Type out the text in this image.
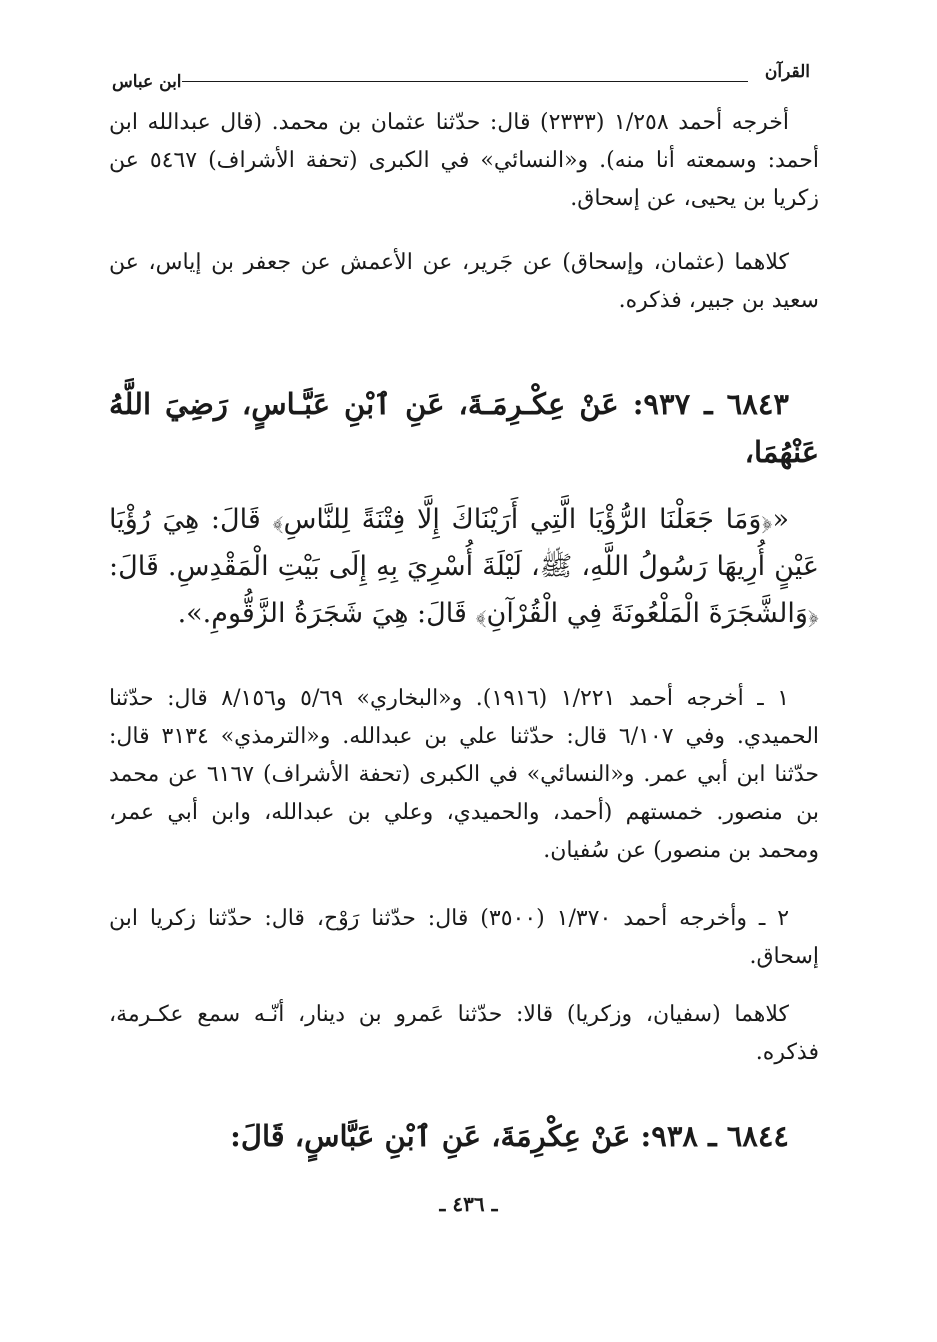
القرآن
ابن عباس
أخرجه أحمد ١/٢٥٨ (٢٣٣٣) قال: حدّثنا عثمان بن محمد. (قال عبدالله ابن أحمد: وسمعته أنا منه). و«النسائي» في الكبرى (تحفة الأشراف) ٥٤٦٧ عن زكريا بن يحيى، عن إسحاق.
كلاهما (عثمان، وإسحاق) عن جَرير، عن الأعمش عن جعفر بن إياس، عن سعيد بن جبير، فذكره.
٦٨٤٣ ـ ٩٣٧: عَنْ عِكْـرِمَـةَ، عَنِ ٱبْنِ عَبَّـاسٍ، رَضِيَ اللَّهُ عَنْهُمَا،
«﴿وَمَا جَعَلْنَا الرُّؤْيَا الَّتِي أَرَيْنَاكَ إِلَّا فِتْنَةً لِلنَّاسِ﴾ قَالَ: هِيَ رُؤْيَا عَيْنٍ أُرِيهَا رَسُولُ اللَّهِ، ﷺ، لَيْلَةَ أُسْرِيَ بِهِ إِلَى بَيْتِ الْمَقْدِسِ. قَالَ: ﴿وَالشَّجَرَةَ الْمَلْعُونَةَ فِي الْقُرْآنِ﴾ قَالَ: هِيَ شَجَرَةُ الزَّقُّومِ.».
١ ـ أخرجه أحمد ١/٢٢١ (١٩١٦). و«البخاري» ٥/٦٩ و٨/١٥٦ قال: حدّثنا الحميدي. وفي ٦/١٠٧ قال: حدّثنا علي بن عبدالله. و«الترمذي» ٣١٣٤ قال: حدّثنا ابن أبي عمر. و«النسائي» في الكبرى (تحفة الأشراف) ٦١٦٧ عن محمد بن منصور. خمستهم (أحمد، والحميدي، وعلي بن عبدالله، وابن أبي عمر، ومحمد بن منصور) عن سُفيان.
٢ ـ وأخرجه أحمد ١/٣٧٠ (٣٥٠٠) قال: حدّثنا رَوْح، قال: حدّثنا زكريا ابن إسحاق.
كلاهما (سفيان، وزكريا) قالا: حدّثنا عَمرو بن دينار، أنّـه سمع عكـرمة، فذكره.
٦٨٤٤ ـ ٩٣٨: عَنْ عِكْرِمَةَ، عَنِ ٱبْنِ عَبَّاسٍ، قَالَ:
ـ ٤٣٦ ـ
